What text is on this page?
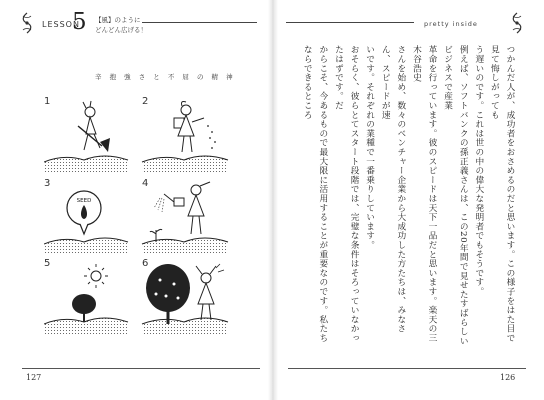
LESSON
5 【風】のように
どんどん広げる！
辛 抱 強 さ と 不 屈 の 精 神
1	2
3	4
5	6
SEED
127
pretty inside

つかんだ人が、成功者をおさめるのだと思います。この様子をはた目で見て悔しがっても

う遅いのです。これは世の中の偉大な発明者でもそうです。

例えば、ソフトバンクの孫正義さんは、この20年間で見せたすばらしいビジネスで産業

革命を行っています。彼のスピードは天下一品だと思います。楽天の三木谷浩史

さんを始め、数々のベンチャー企業から大成功した方たちは、みなさん、スピードが速

いです。それぞれの業種で一番乗りしています。

おそらく、彼らとてスタート段階では、完璧な条件はそろっていなかったはずです。だ

からこそ、今あるもので最大限に活用することが重要なのです。私たちならできるところ

126
